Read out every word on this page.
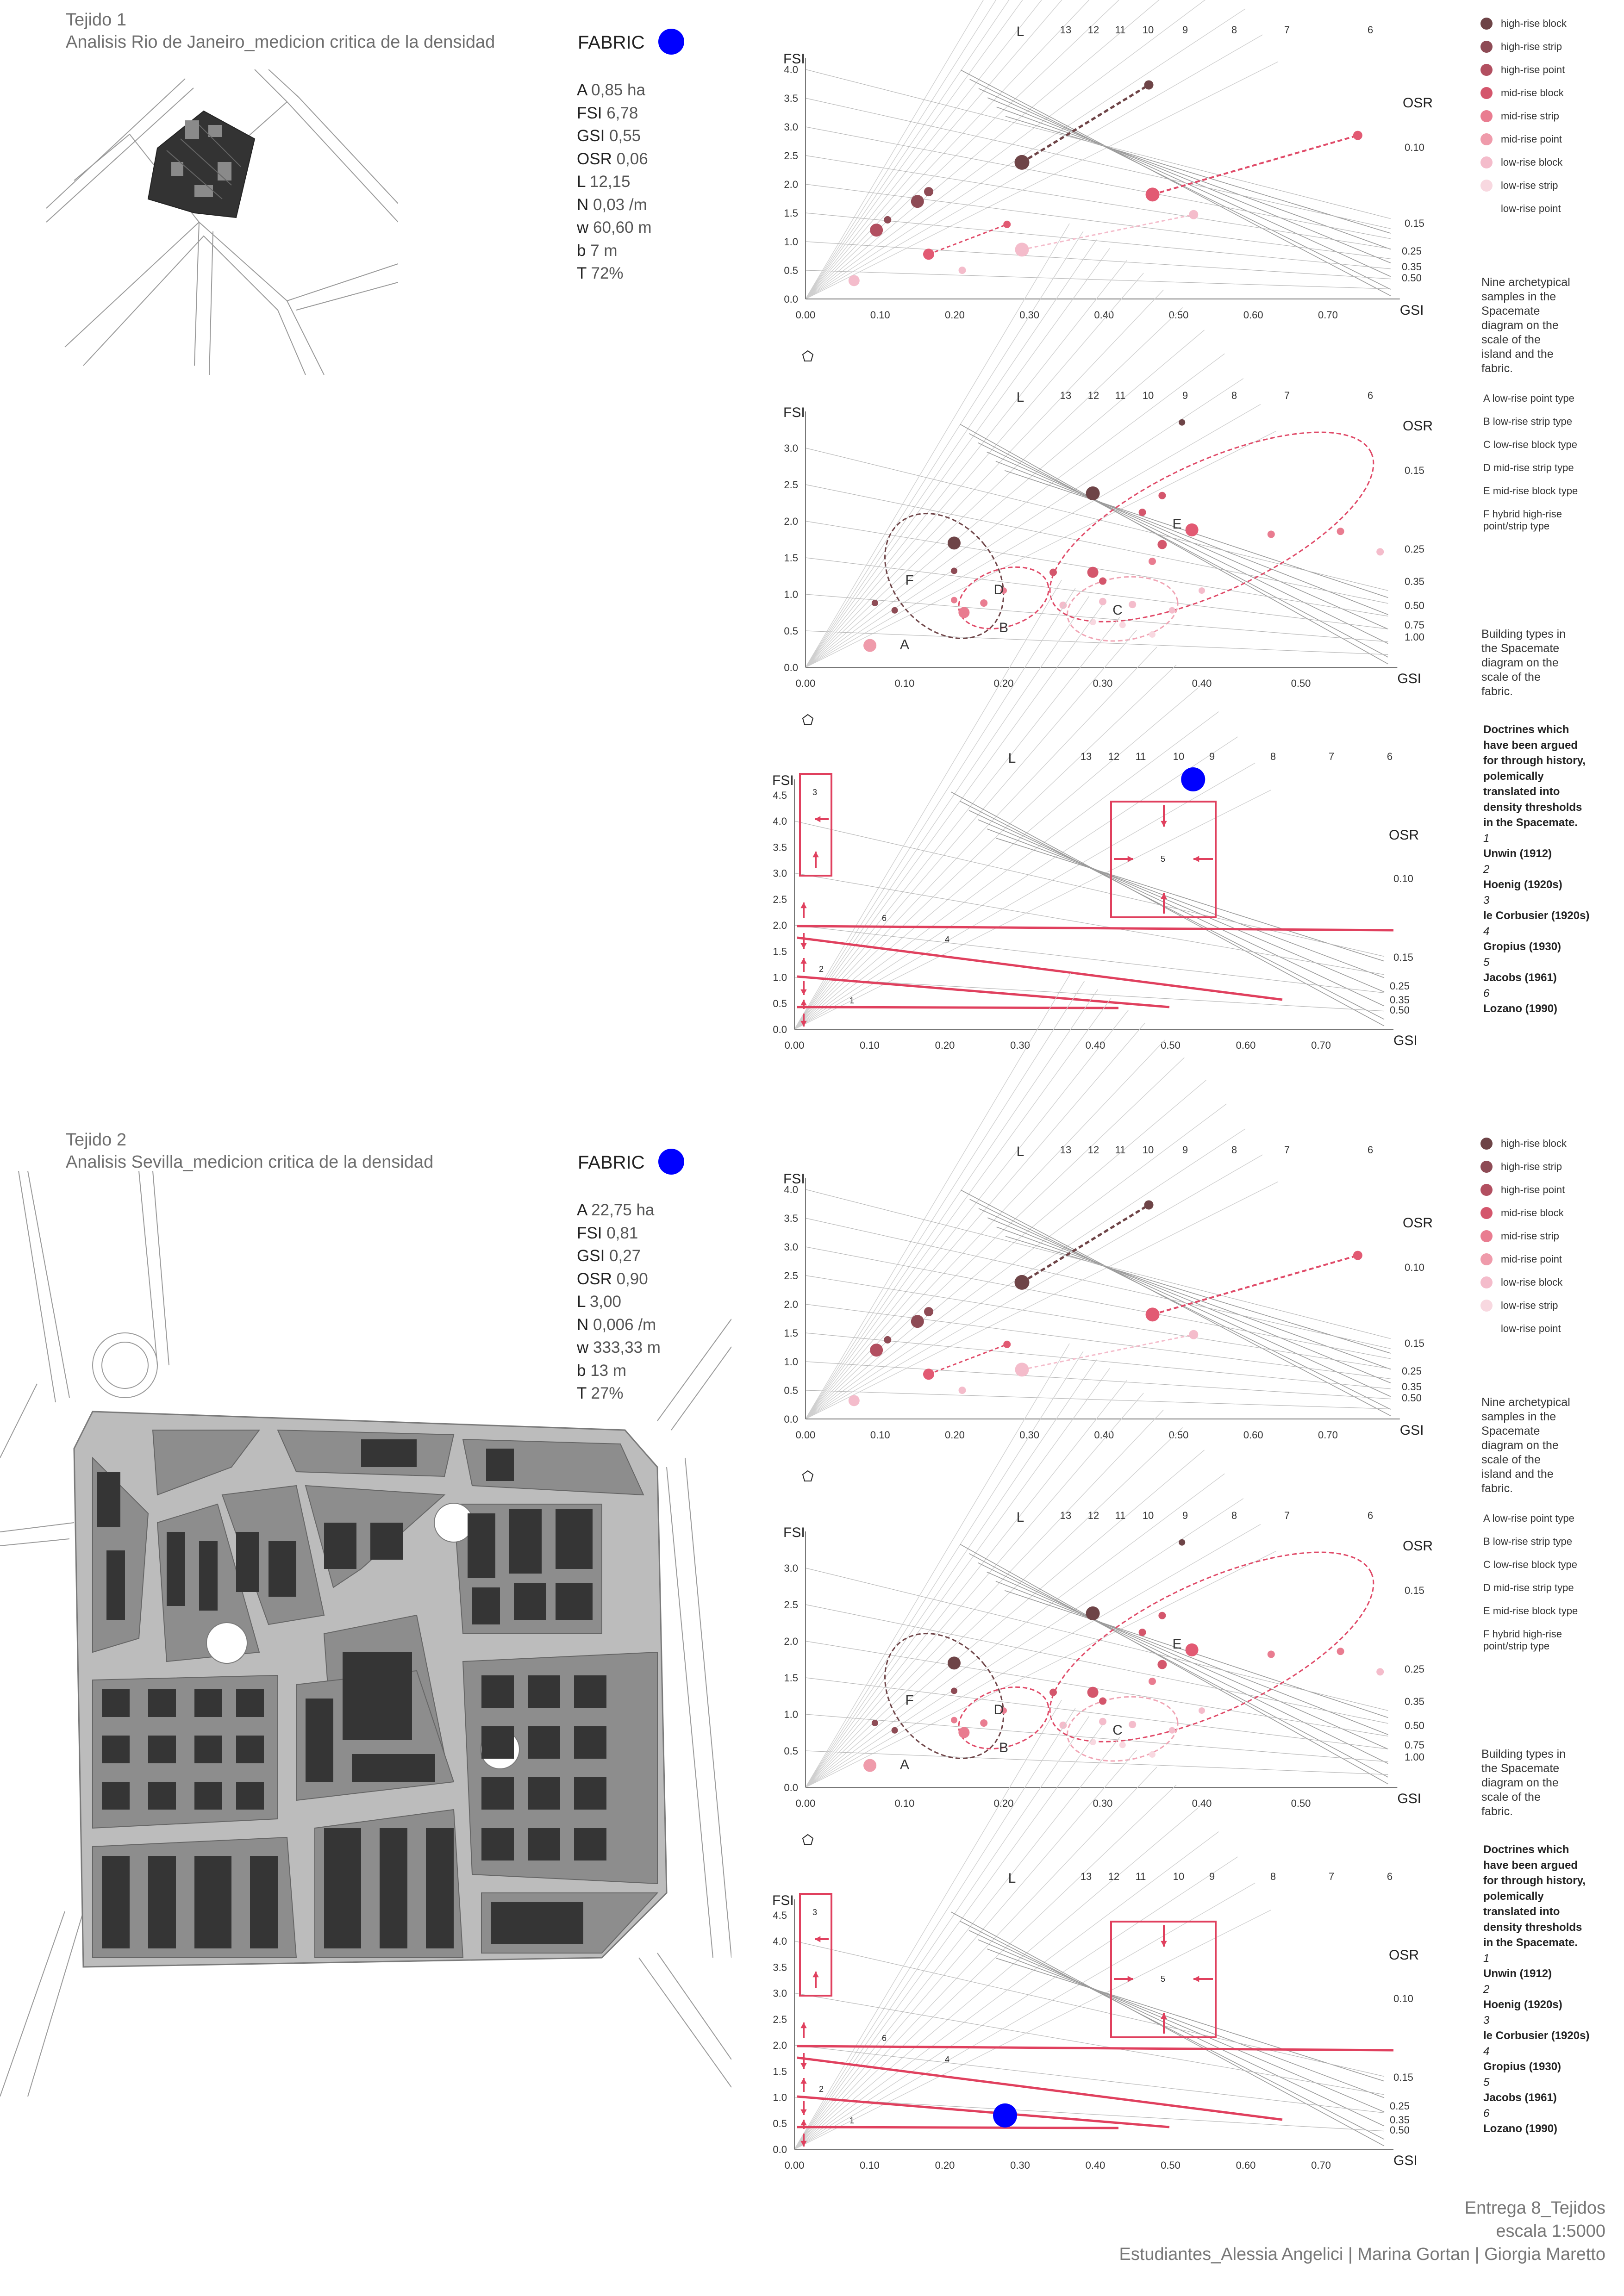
Tejido 1
Analisis Rio de Janeiro_medicion critica de la densidad	FABRIC
A 0,85 ha
FSI 6,78
GSI 0,55
OSR 0,06
L 12,15
N 0,03 /m
w 60,60 m
b 7 m
T 72%
Tejido 2
Analisis Sevilla_medicion critica de la densidad	FABRIC
A 22,75 ha
FSI 0,81
GSI 0,27
OSR 0,90
L 3,00
N 0,006 /m
w 333,33 m
b 13 m
T 27%
0.00	0.10	0.20	0.30	0.40	0.50	0.60	0.70
0.0
0.5
1.0
1.5
2.0
2.5
3.0
3.5
4.0
FSI
GSI
L	13 12 11 10	9	8	7	6
OSR
0.10
0.15
0.25
0.35
0.50
0.00	0.10	0.20	0.30	0.40	0.50
0.0
0.5
1.0
1.5
2.0
2.5
3.0
FSI
GSI
L	13 12 11 10	9	8	7	6
OSR
0.15
0.25
0.35
0.50
0.75
1.00
A
B
C
D
E
F
0.00	0.10	0.20	0.30	0.40	0.50	0.60	0.70
0.0
0.5
1.0
1.5
2.0
2.5
3.0
3.5
4.0
4.5
FSI
GSI
L	13 12 11	10 9	8	7	6
OSR
0.10
0.15
0.25
0.35
0.50
1
2
3
4
5
6
0.00	0.10	0.20	0.30	0.40	0.50	0.60	0.70
0.0
0.5
1.0
1.5
2.0
2.5
3.0
3.5
4.0
FSI
GSI
L	13 12 11 10	9	8	7	6
OSR
0.10
0.15
0.25
0.35
0.50
0.00	0.10	0.20	0.30	0.40	0.50
0.0
0.5
1.0
1.5
2.0
2.5
3.0
FSI
GSI
L	13 12 11 10	9	8	7	6
OSR
0.15
0.25
0.35
0.50
0.75
1.00
A
B
C
D
E
F
0.00	0.10	0.20	0.30	0.40	0.50	0.60	0.70
0.0
0.5
1.0
1.5
2.0
2.5
3.0
3.5
4.0
4.5
FSI
GSI
L	13 12 11	10 9	8	7	6
OSR
0.10
0.15
0.25
0.35
0.50
1
2
3
4
5
6
high-rise block
high-rise strip
high-rise point
mid-rise block
mid-rise strip
mid-rise point
low-rise block
low-rise strip
low-rise point
Nine archetypical samples in the Spacemate diagram on the scale of the island and the fabric.
A low-rise point type
B low-rise strip type
C low-rise block type
D mid-rise strip type
E mid-rise block type
F hybrid high-rise point/strip type
Building types in the Spacemate diagram on the scale of the fabric.
Doctrines which have been argued for through history, polemically translated into density thresholds in the Spacemate.
1
Unwin (1912)
2
Hoenig (1920s)
3
le Corbusier (1920s)
4
Gropius (1930)
5
Jacobs (1961)
6
Lozano (1990)
high-rise block
high-rise strip
high-rise point
mid-rise block
mid-rise strip
mid-rise point
low-rise block
low-rise strip
low-rise point
Nine archetypical samples in the Spacemate diagram on the scale of the island and the fabric.
A low-rise point type
B low-rise strip type
C low-rise block type
D mid-rise strip type
E mid-rise block type
F hybrid high-rise point/strip type
Building types in the Spacemate diagram on the scale of the fabric.
Doctrines which have been argued for through history, polemically translated into density thresholds in the Spacemate.
1
Unwin (1912)
2
Hoenig (1920s)
3
le Corbusier (1920s)
4
Gropius (1930)
5
Jacobs (1961)
6
Lozano (1990)
Entrega 8_Tejidos
escala 1:5000
Estudiantes_Alessia Angelici | Marina Gortan | Giorgia Maretto
